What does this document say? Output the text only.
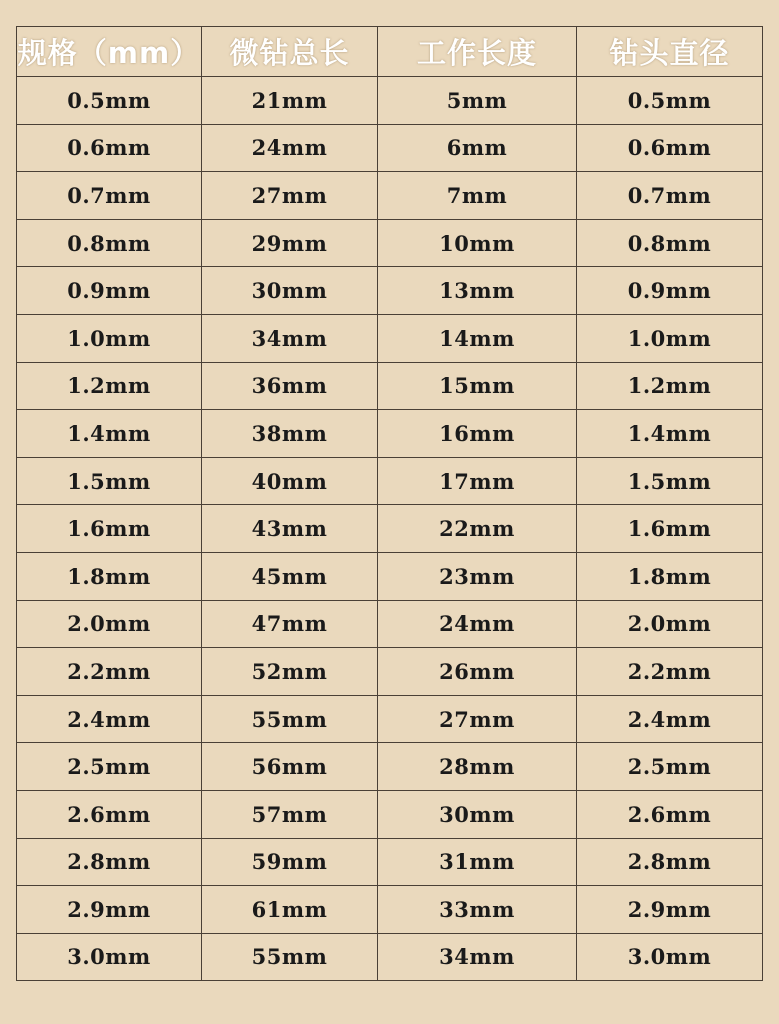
规格（mm）	微钻总长	工作长度	钻头直径
0.5mm	21mm	5mm	0.5mm
0.6mm	24mm	6mm	0.6mm
0.7mm	27mm	7mm	0.7mm
0.8mm	29mm	10mm	0.8mm
0.9mm	30mm	13mm	0.9mm
1.0mm	34mm	14mm	1.0mm
1.2mm	36mm	15mm	1.2mm
1.4mm	38mm	16mm	1.4mm
1.5mm	40mm	17mm	1.5mm
1.6mm	43mm	22mm	1.6mm
1.8mm	45mm	23mm	1.8mm
2.0mm	47mm	24mm	2.0mm
2.2mm	52mm	26mm	2.2mm
2.4mm	55mm	27mm	2.4mm
2.5mm	56mm	28mm	2.5mm
2.6mm	57mm	30mm	2.6mm
2.8mm	59mm	31mm	2.8mm
2.9mm	61mm	33mm	2.9mm
3.0mm	55mm	34mm	3.0mm
